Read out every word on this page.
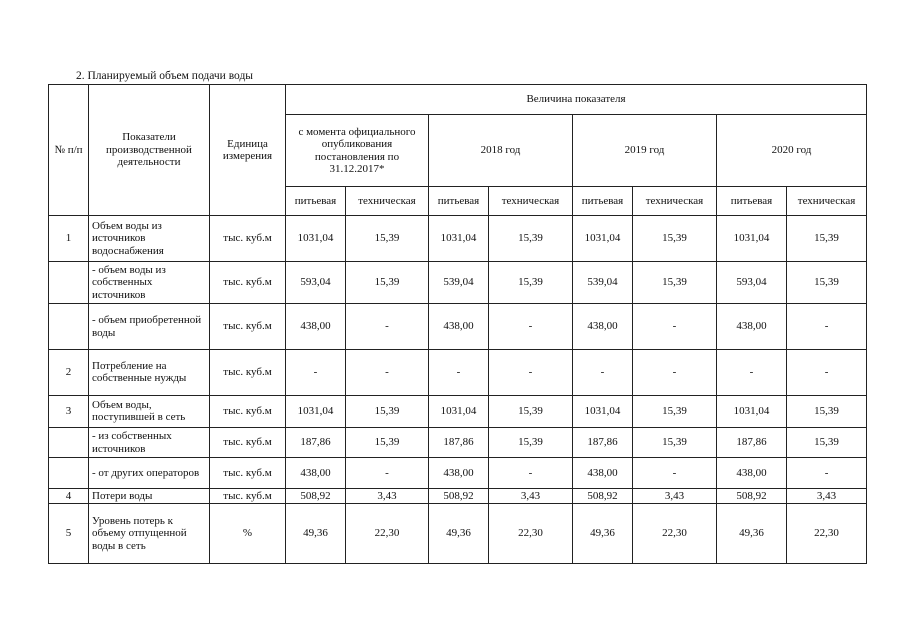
2. Планируемый объем подачи воды
№ п/п	Показатели производственной деятельности	Единица измерения	Величина показателя							
			с момента официального опубликования постановления по 31.12.2017*		2018 год		2019 год		2020 год	
			питьевая	техническая	питьевая	техническая	питьевая	техническая	питьевая	техническая
1	Объем воды из источников водоснабжения	тыс. куб.м	1031,04	15,39	1031,04	15,39	1031,04	15,39	1031,04	15,39
	- объем воды из собственных источников	тыс. куб.м	593,04	15,39	539,04	15,39	539,04	15,39	593,04	15,39
	- объем приобретенной воды	тыс. куб.м	438,00	-	438,00	-	438,00	-	438,00	-
2	Потребление на собственные нужды	тыс. куб.м	-	-	-	-	-	-	-	-
3	Объем воды, поступившей в сеть	тыс. куб.м	1031,04	15,39	1031,04	15,39	1031,04	15,39	1031,04	15,39
	- из собственных источников	тыс. куб.м	187,86	15,39	187,86	15,39	187,86	15,39	187,86	15,39
	- от других операторов	тыс. куб.м	438,00	-	438,00	-	438,00	-	438,00	-
4	Потери воды	тыс. куб.м	508,92	3,43	508,92	3,43	508,92	3,43	508,92	3,43
5	Уровень потерь к объему отпущенной воды в сеть	%	49,36	22,30	49,36	22,30	49,36	22,30	49,36	22,30
